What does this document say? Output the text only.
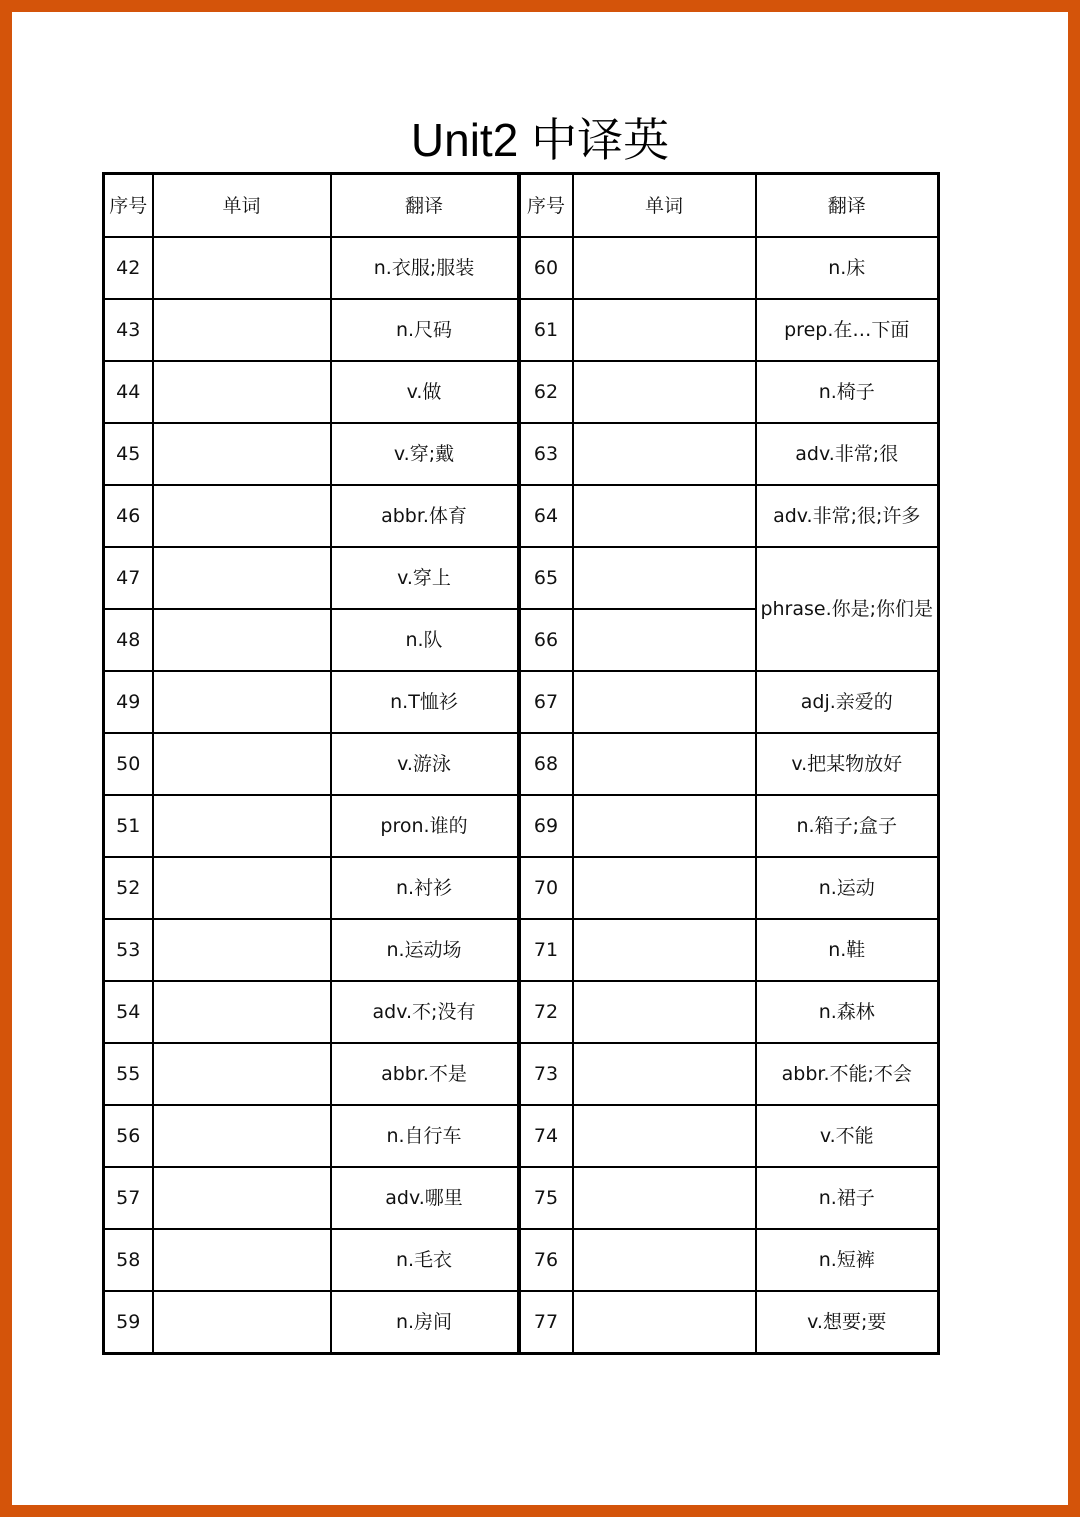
Unit2 中译英
序号	单词	翻译	序号	单词	翻译
42		n.衣服;服装	60		n.床
43		n.尺码	61		prep.在…下面
44		v.做	62		n.椅子
45		v.穿;戴	63		adv.非常;很
46		abbr.体育	64		adv.非常;很;许多
47		v.穿上	65		phrase.你是;你们是
48		n.队	66		
49		n.T恤衫	67		adj.亲爱的
50		v.游泳	68		v.把某物放好
51		pron.谁的	69		n.箱子;盒子
52		n.衬衫	70		n.运动
53		n.运动场	71		n.鞋
54		adv.不;没有	72		n.森林
55		abbr.不是	73		abbr.不能;不会
56		n.自行车	74		v.不能
57		adv.哪里	75		n.裙子
58		n.毛衣	76		n.短裤
59		n.房间	77		v.想要;要
